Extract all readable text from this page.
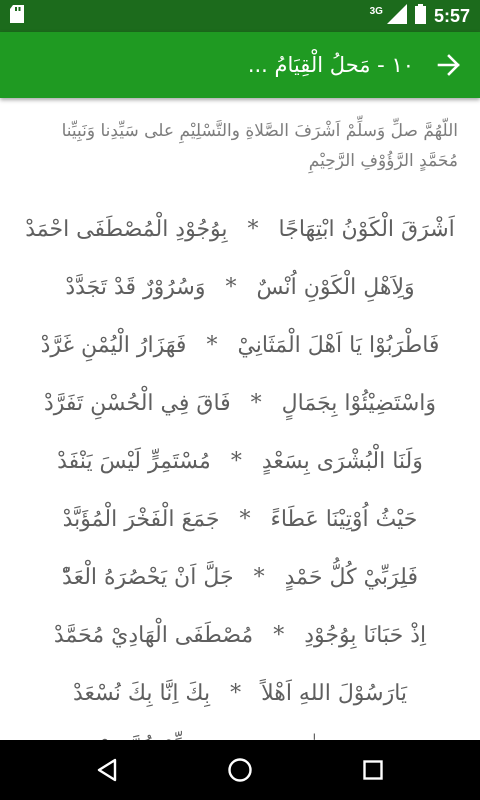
3G	5:57
١٠ - مَحلُ الْقِيَامُ ...
اللّهُمَّ صلِّ وَسلِّمْ اَشْرَفَ الصَّلاةِ والتَّسْلِيْمِ على سَيِّدِنا وَنَبِيِّنا مُحَمَّدٍ الرَّؤُوْفِ الرَّحِيْمِ
اَشْرَقَ الْكَوْنُ ابْتِهَاجًا
*
بِوُجُوْدِ الْمُصْطَفَى احْمَدْ
وَلِاَهْلِ الْكَوْنِ اُنْسٌ
*
وَسُرُوْرٌ قَدْ تَجَدَّدْ
فَاطْرَبُوْا يَا اَهْلَ الْمَثَانِيْ
*
فَهَزَارُ الْيُمْنِ غَرَّدْ
وَاسْتَضِيْئُوْا بِجَمَالٍ
*
فَاقَ فِي الْحُسْنِ تَفَرَّدْ
وَلَنَا الْبُشْرَى بِسَعْدٍ
*
مُسْتَمِرٍّ لَيْسَ يَنْفَدْ
حَيْثُ اُوْتِيْنَا عَطَاءً
*
جَمَعَ الْفَخْرَ الْمُؤَبَّدْ
فَلِرَبِّيْ كُلُّ حَمْدٍ
*
جَلَّ اَنْ يَحْصُرَهُ الْعَدّْ
اِذْ حَبَانَا بِوُجُوْدِ
*
مُصْطَفَى الْهَادِيْ مُحَمَّدْ
يَارَسُوْلَ اللهِ اَهْلاً
*
بِكَ اِنَّا بِكَ نُسْعَدْ
